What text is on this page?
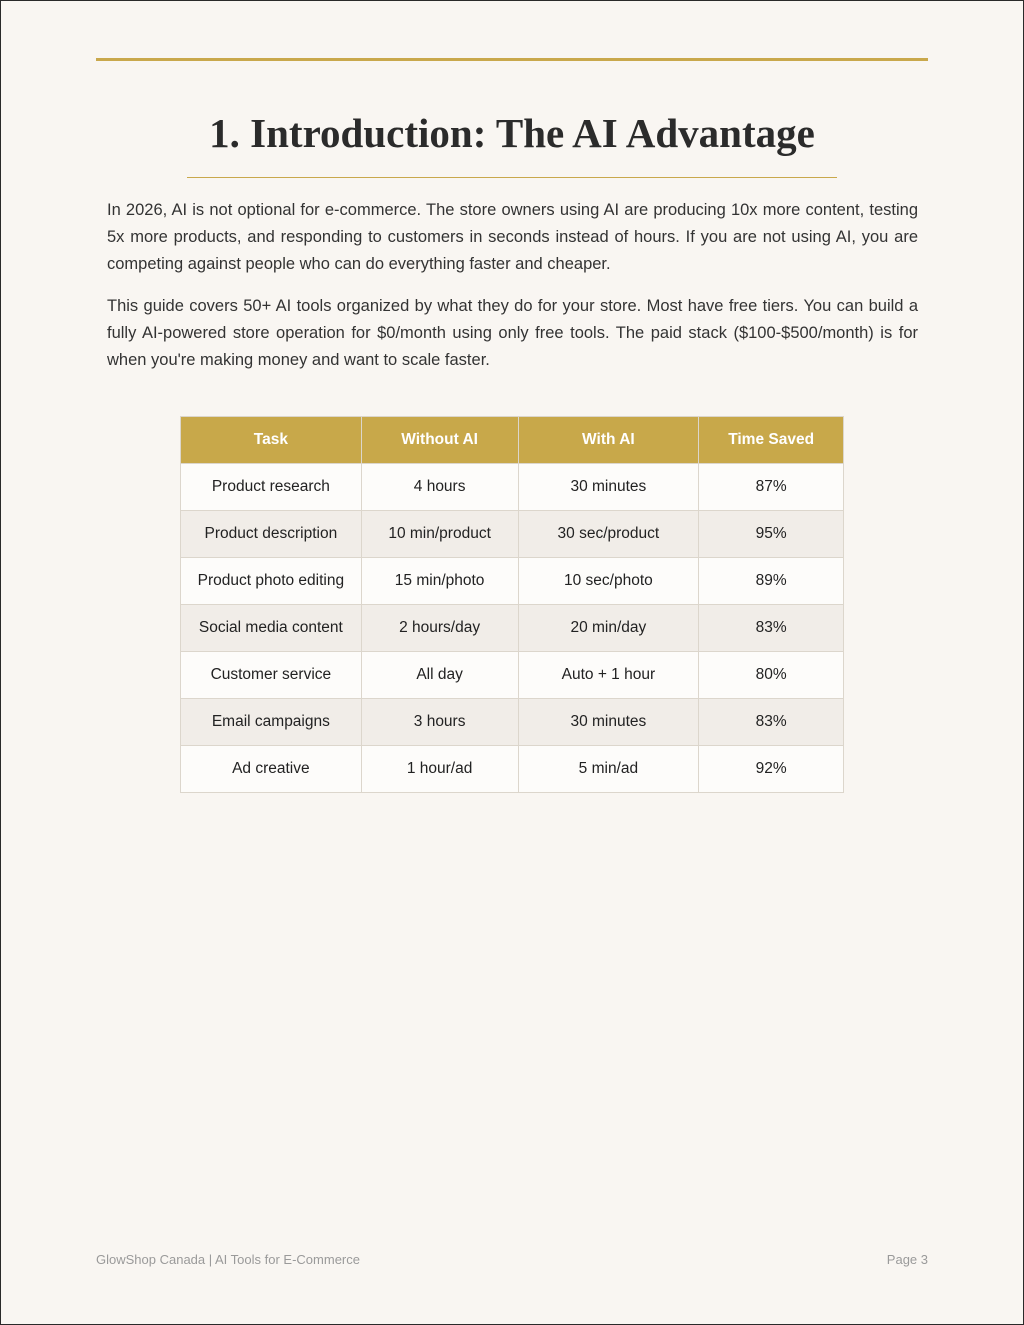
1. Introduction: The AI Advantage

In 2026, AI is not optional for e-commerce. The store owners using AI are producing 10x more content, testing 5x more products, and responding to customers in seconds instead of hours. If you are not using AI, you are competing against people who can do everything faster and cheaper.

This guide covers 50+ AI tools organized by what they do for your store. Most have free tiers. You can build a fully AI-powered store operation for $0/month using only free tools. The paid stack ($100-$500/month) is for when you're making money and want to scale faster.

Task	Without AI	With AI	Time Saved
Product research	4 hours	30 minutes	87%
Product description	10 min/product	30 sec/product	95%
Product photo editing	15 min/photo	10 sec/photo	89%
Social media content	2 hours/day	20 min/day	83%
Customer service	All day	Auto + 1 hour	80%
Email campaigns	3 hours	30 minutes	83%
Ad creative	1 hour/ad	5 min/ad	92%
GlowShop Canada | AI Tools for E-Commerce	Page 3
